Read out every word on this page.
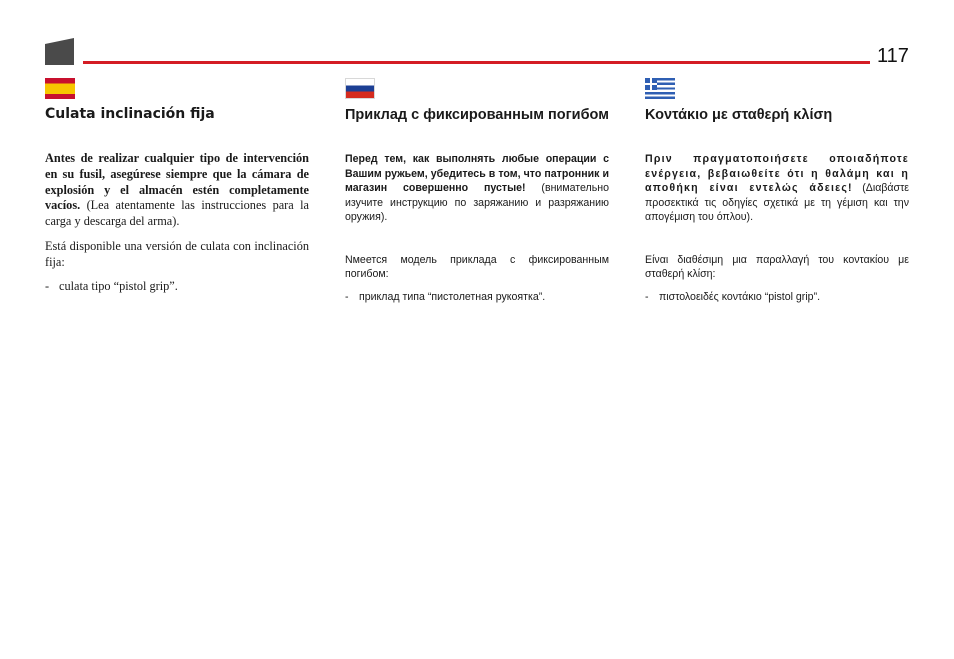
117
Culata inclinación fija

Antes de realizar cualquier tipo de intervención en su fusil, asegúrese siempre que la cámara de explosión y el almacén estén completamente vacíos. (Lea atentamente las instrucciones para la carga y descarga del arma).

Está disponible una versión de culata con inclinación fija:

- culata tipo “pistol grip”.

Приклад с фиксированным погибом

Перед тем, как выполнять любые операции с Вашим ружьем, убедитесь в том, что патронник и магазин совершенно пустые! (внимательно изучите инструкцию по заряжанию и разряжанию оружия).

Nмеется модель приклада с фиксированным погибом:

- приклад типа “пистолетная рукоятка”.

Κοντάκιο με σταθερή κλίση

Πριν πραγματοποιήσετε οποιαδήποτε ενέργεια, βεβαιωθείτε ότι η θαλάμη και η αποθήκη είναι εντελώς άδειες! (Διαβάστε προσεκτικά τις οδηγίες σχετικά με τη γέμιση και την απογέμιση του όπλου).

Είναι διαθέσιμη μια παραλλαγή του κοντακίου με σταθερή κλίση:

- πιστολοειδές κοντάκιο “pistol grip”.
